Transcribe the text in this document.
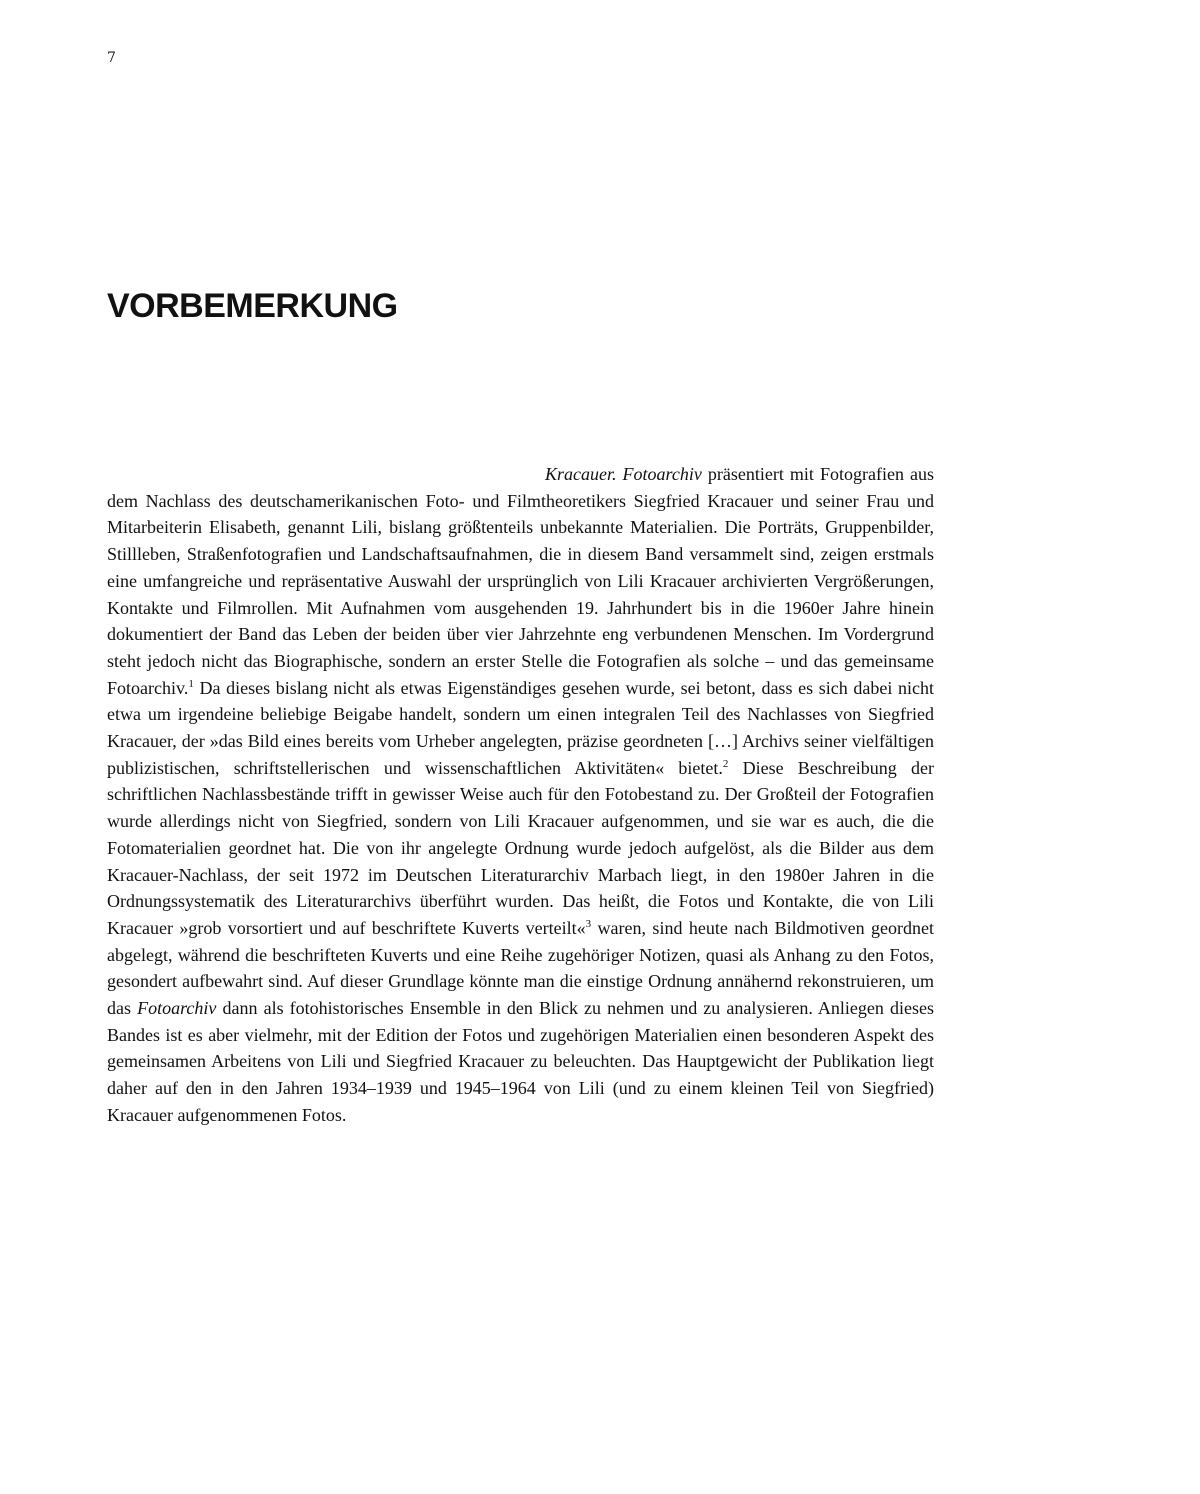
7
VORBEMERKUNG

Kracauer. Fotoarchiv präsentiert mit Fotografien aus dem Nachlass des deutschamerikanischen Foto- und Filmtheoretikers Siegfried Kracauer und seiner Frau und Mitarbeiterin Elisabeth, genannt Lili, bislang größtenteils unbekannte Materialien. Die Porträts, Gruppenbilder, Stillleben, Straßenfotografien und Landschaftsaufnahmen, die in diesem Band versammelt sind, zeigen erstmals eine umfangreiche und repräsentative Auswahl der ursprünglich von Lili Kracauer archivierten Vergrößerungen, Kontakte und Filmrollen. Mit Aufnahmen vom ausgehenden 19. Jahrhundert bis in die 1960er Jahre hinein dokumentiert der Band das Leben der beiden über vier Jahrzehnte eng verbundenen Menschen. Im Vordergrund steht jedoch nicht das Biographische, sondern an erster Stelle die Fotografien als solche – und das gemeinsame Fotoarchiv.$^1$ Da dieses bislang nicht als etwas Eigenständiges gesehen wurde, sei betont, dass es sich dabei nicht etwa um irgendeine beliebige Beigabe handelt, sondern um einen integralen Teil des Nachlasses von Siegfried Kracauer, der »das Bild eines bereits vom Urheber angelegten, präzise geordneten […] Archivs seiner vielfältigen publizistischen, schriftstellerischen und wissenschaftlichen Aktivitäten« bietet.$^2$ Diese Beschreibung der schriftlichen Nachlassbestände trifft in gewisser Weise auch für den Fotobestand zu. Der Großteil der Fotografien wurde allerdings nicht von Siegfried, sondern von Lili Kracauer aufgenommen, und sie war es auch, die die Fotomaterialien geordnet hat. Die von ihr angelegte Ordnung wurde jedoch aufgelöst, als die Bilder aus dem Kracauer-Nachlass, der seit 1972 im Deutschen Literaturarchiv Marbach liegt, in den 1980er Jahren in die Ordnungssystematik des Literaturarchivs überführt wurden. Das heißt, die Fotos und Kontakte, die von Lili Kracauer »grob vorsortiert und auf beschriftete Kuverts verteilt«$^3$ waren, sind heute nach Bildmotiven geordnet abgelegt, während die beschrifteten Kuverts und eine Reihe zugehöriger Notizen, quasi als Anhang zu den Fotos, gesondert aufbewahrt sind. Auf dieser Grundlage könnte man die einstige Ordnung annähernd rekonstruieren, um das Fotoarchiv dann als fotohistorisches Ensemble in den Blick zu nehmen und zu analysieren. Anliegen dieses Bandes ist es aber vielmehr, mit der Edition der Fotos und zugehörigen Materialien einen besonderen Aspekt des gemeinsamen Arbeitens von Lili und Siegfried Kracauer zu beleuchten. Das Hauptgewicht der Publikation liegt daher auf den in den Jahren 1934–1939 und 1945–1964 von Lili (und zu einem kleinen Teil von Siegfried) Kracauer aufgenommenen Fotos.
